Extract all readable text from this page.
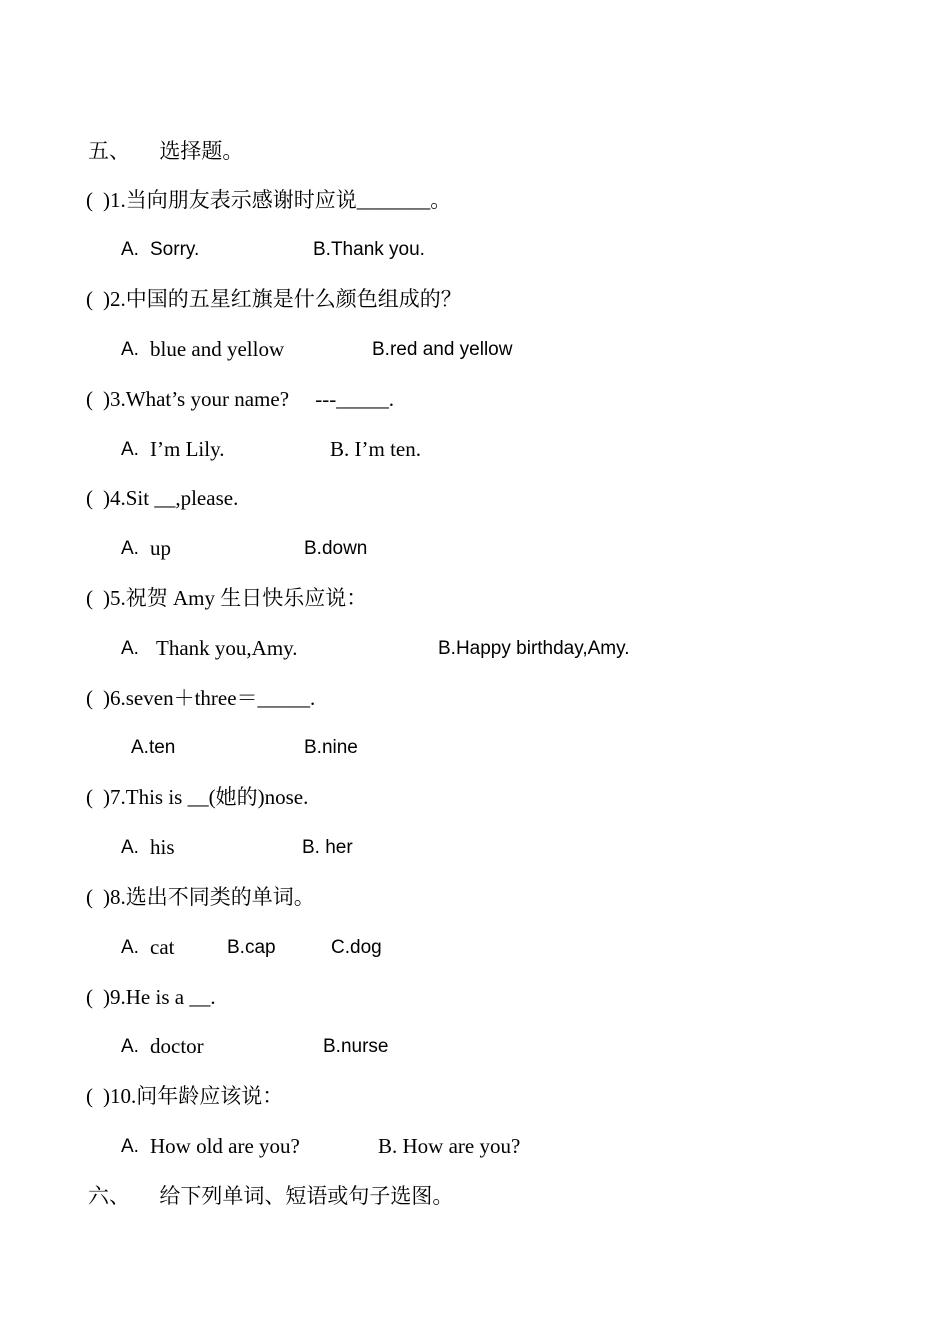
五、 选择题。
( )1.当向朋友表示感谢时应说_______。
A. Sorry.	B.Thank you.
( )2.中国的五星红旗是什么颜色组成的？
A. blue and yellow	B.red and yellow
( )3.What’s your name?     ---_____.
A. I’m Lily.	B. I’m ten.
( )4.Sit __,please.
A. up	B.down
( )5.祝贺 Amy 生日快乐应说：
A. Thank you,Amy.	B.Happy birthday,Amy.
( )6.seven＋three＝_____.
A.ten	B.nine
( )7.This is __(她的)nose.
A. his	B. her
( )8.选出不同类的单词。
A. cat	B.cap	C.dog
( )9.He is a __.
A. doctor	B.nurse
( )10.问年龄应该说：
A. How old are you?	B. How are you?
六、 给下列单词、短语或句子选图。
